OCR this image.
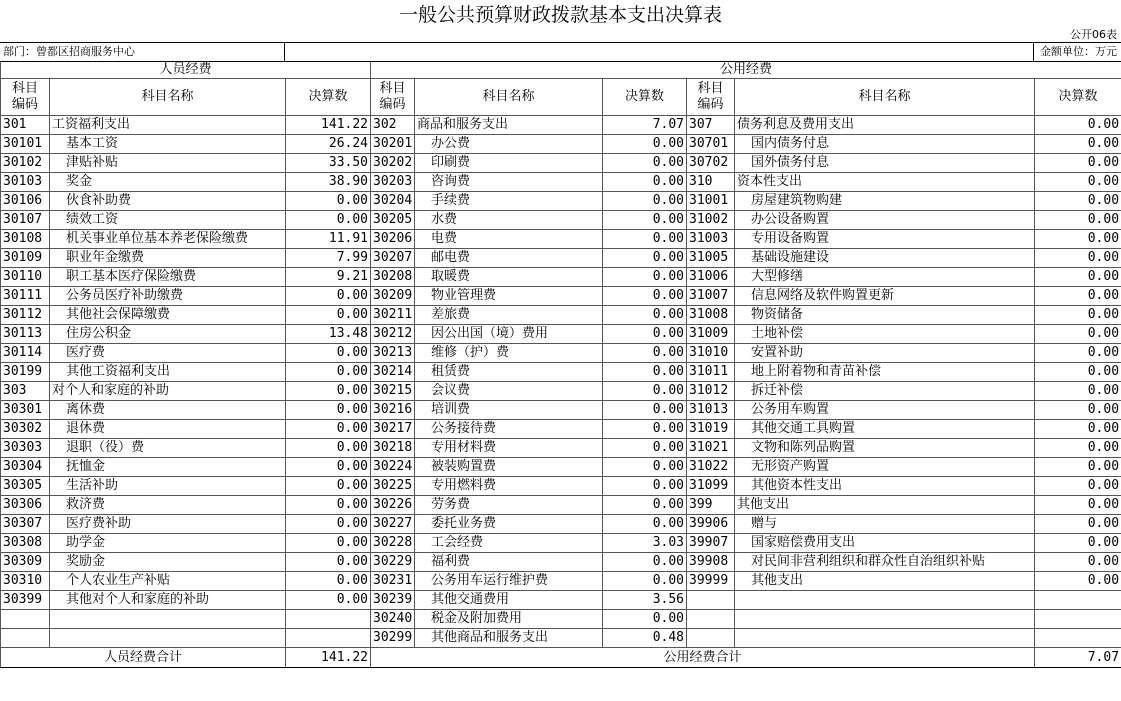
一般公共预算财政拨款基本支出决算表
公开06表
部门：曾都区招商服务中心	金额单位：万元
人员经费			公用经费					
科目
编码	科目名称	决算数	科目
编码	科目名称	决算数	科目
编码	科目名称	决算数
301	工资福利支出	141.22	302	商品和服务支出	7.07	307	债务利息及费用支出	0.00
30101	基本工资	26.24	30201	办公费	0.00	30701	国内债务付息	0.00
30102	津贴补贴	33.50	30202	印刷费	0.00	30702	国外债务付息	0.00
30103	奖金	38.90	30203	咨询费	0.00	310	资本性支出	0.00
30106	伙食补助费	0.00	30204	手续费	0.00	31001	房屋建筑物购建	0.00
30107	绩效工资	0.00	30205	水费	0.00	31002	办公设备购置	0.00
30108	机关事业单位基本养老保险缴费	11.91	30206	电费	0.00	31003	专用设备购置	0.00
30109	职业年金缴费	7.99	30207	邮电费	0.00	31005	基础设施建设	0.00
30110	职工基本医疗保险缴费	9.21	30208	取暖费	0.00	31006	大型修缮	0.00
30111	公务员医疗补助缴费	0.00	30209	物业管理费	0.00	31007	信息网络及软件购置更新	0.00
30112	其他社会保障缴费	0.00	30211	差旅费	0.00	31008	物资储备	0.00
30113	住房公积金	13.48	30212	因公出国（境）费用	0.00	31009	土地补偿	0.00
30114	医疗费	0.00	30213	维修（护）费	0.00	31010	安置补助	0.00
30199	其他工资福利支出	0.00	30214	租赁费	0.00	31011	地上附着物和青苗补偿	0.00
303	对个人和家庭的补助	0.00	30215	会议费	0.00	31012	拆迁补偿	0.00
30301	离休费	0.00	30216	培训费	0.00	31013	公务用车购置	0.00
30302	退休费	0.00	30217	公务接待费	0.00	31019	其他交通工具购置	0.00
30303	退职（役）费	0.00	30218	专用材料费	0.00	31021	文物和陈列品购置	0.00
30304	抚恤金	0.00	30224	被装购置费	0.00	31022	无形资产购置	0.00
30305	生活补助	0.00	30225	专用燃料费	0.00	31099	其他资本性支出	0.00
30306	救济费	0.00	30226	劳务费	0.00	399	其他支出	0.00
30307	医疗费补助	0.00	30227	委托业务费	0.00	39906	赠与	0.00
30308	助学金	0.00	30228	工会经费	3.03	39907	国家赔偿费用支出	0.00
30309	奖励金	0.00	30229	福利费	0.00	39908	对民间非营利组织和群众性自治组织补贴	0.00
30310	个人农业生产补贴	0.00	30231	公务用车运行维护费	0.00	39999	其他支出	0.00
30399	其他对个人和家庭的补助	0.00	30239	其他交通费用	3.56			
			30240	税金及附加费用	0.00			
			30299	其他商品和服务支出	0.48			
人员经费合计		141.22	公用经费合计					7.07
